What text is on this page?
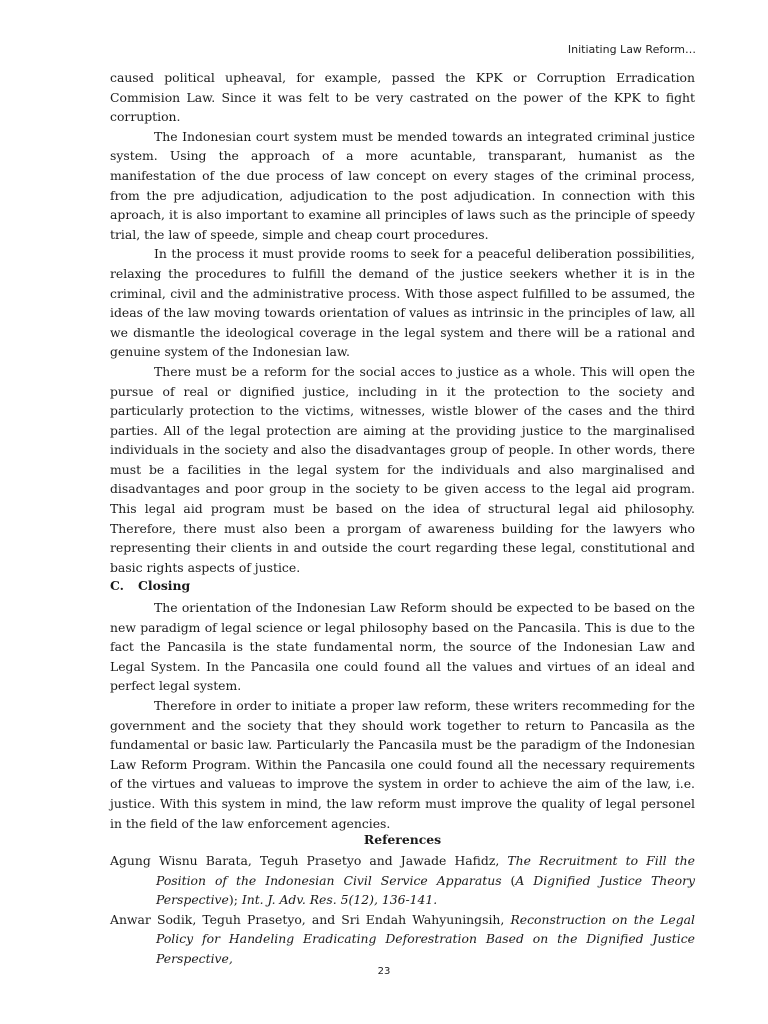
Initiating Law Reform…

caused political upheaval, for example, passed the KPK or Corruption Erradication Commision Law. Since it was felt to be very castrated on the power of the KPK to fight corruption.

The Indonesian court system must be mended towards an integrated criminal justice system. Using the approach of a more acuntable, transparant, humanist as the manifestation of the due process of law concept on every stages of the criminal process, from the pre adjudication, adjudication to the post adjudication. In connection with this aproach, it is also important to examine all principles of laws such as the principle of speedy trial, the law of speede, simple and cheap court procedures.

In the process it must provide rooms to seek for a peaceful deliberation possibilities, relaxing the procedures to fulfill the demand of the justice seekers whether it is in the criminal, civil and the administrative process. With those aspect fulfilled to be assumed, the ideas of the law moving towards orientation of values as intrinsic in the principles of law, all we dismantle the ideological coverage in the legal system and there will be a rational and genuine system of the Indonesian law.

There must be a reform for the social acces to justice as a whole. This will open the pursue of real or dignified justice, including in it the protection to the society and particularly protection to the victims, witnesses, wistle blower of the cases and the third parties. All of the legal protection are aiming at the providing justice to the marginalised individuals in the society and also the disadvantages group of people. In other words, there must be a facilities in the legal system for the individuals and also marginalised and disadvantages and poor group in the society to be given access to the legal aid program. This legal aid program must be based on the idea of structural legal aid philosophy. Therefore, there must also been a prorgam of awareness building for the lawyers who representing their clients in and outside the court regarding these legal, constitutional and basic rights aspects of justice.

C. Closing

The orientation of the Indonesian Law Reform should be expected to be based on the new paradigm of legal science or legal philosophy based on the Pancasila. This is due to the fact the Pancasila is the state fundamental norm, the source of the Indonesian Law and Legal System. In the Pancasila one could found all the values and virtues of an ideal and perfect legal system.

Therefore in order to initiate a proper law reform, these writers recommeding for the government and the society that they should work together to return to Pancasila as the fundamental or basic law. Particularly the Pancasila must be the paradigm of the Indonesian Law Reform Program. Within the Pancasila one could found all the necessary requirements of the virtues and valueas to improve the system in order to achieve the aim of the law, i.e. justice. With this system in mind, the law reform must improve the quality of legal personel in the field of the law enforcement agencies.

References

Agung Wisnu Barata, Teguh Prasetyo and Jawade Hafidz, The Recruitment to Fill the Position of the Indonesian Civil Service Apparatus (A Dignified Justice Theory Perspective); Int. J. Adv. Res. 5(12), 136-141.

Anwar Sodik, Teguh Prasetyo, and Sri Endah Wahyuningsih, Reconstruction on the Legal Policy for Handeling Eradicating Deforestration Based on the Dignified Justice Perspective,

23
